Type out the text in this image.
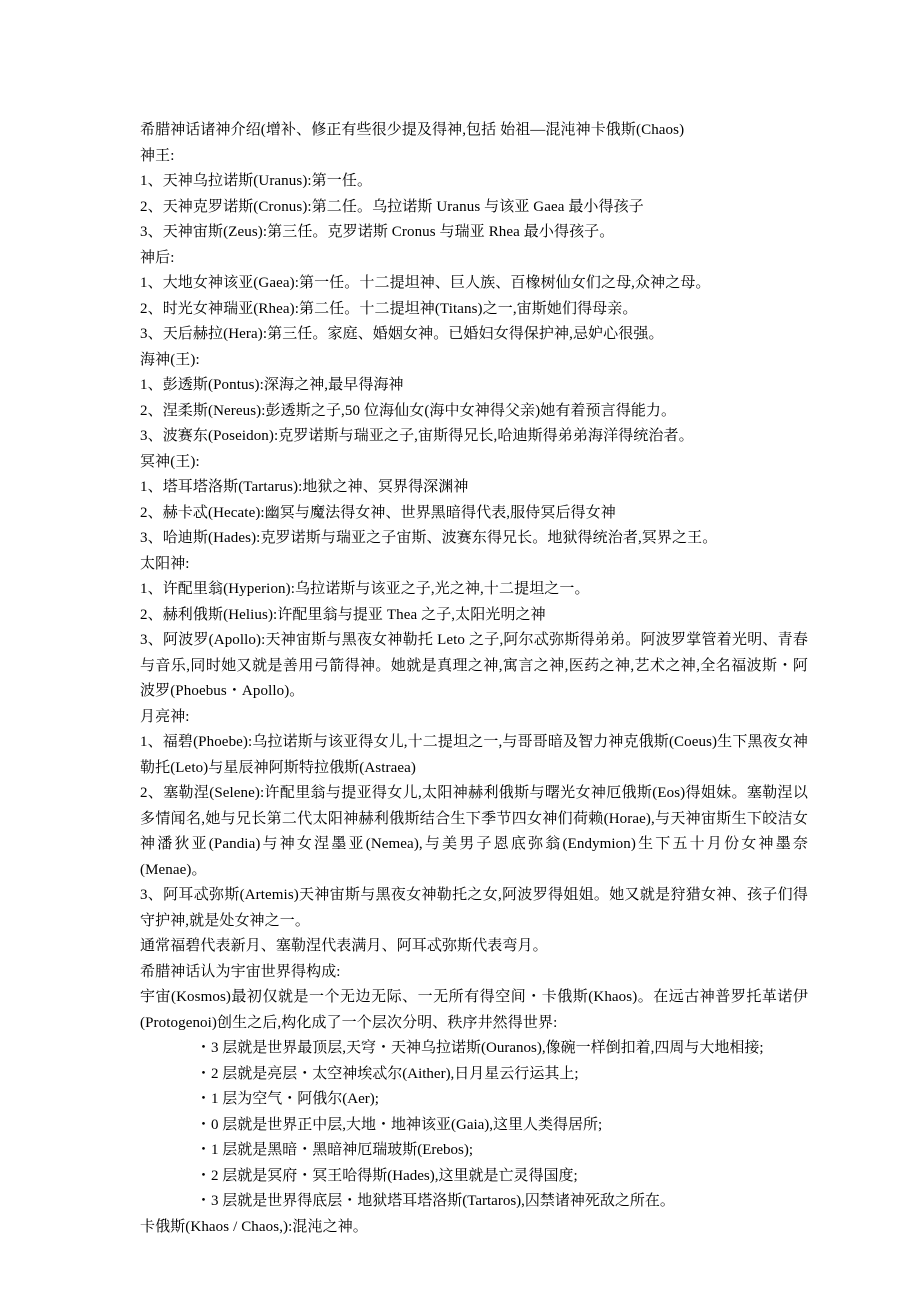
希腊神话诸神介绍(增补、修正有些很少提及得神,包括 始祖—混沌神卡俄斯(Chaos)

神王:

1、天神乌拉诺斯(Uranus):第一任。

2、天神克罗诺斯(Cronus):第二任。乌拉诺斯 Uranus 与该亚 Gaea 最小得孩子

3、天神宙斯(Zeus):第三任。克罗诺斯 Cronus 与瑞亚 Rhea 最小得孩子。

神后:

1、大地女神该亚(Gaea):第一任。十二提坦神、巨人族、百橡树仙女们之母,众神之母。

2、时光女神瑞亚(Rhea):第二任。十二提坦神(Titans)之一,宙斯她们得母亲。

3、天后赫拉(Hera):第三任。家庭、婚姻女神。已婚妇女得保护神,忌妒心很强。

海神(王):

1、彭透斯(Pontus):深海之神,最早得海神

2、涅柔斯(Nereus):彭透斯之子,50 位海仙女(海中女神得父亲)她有着预言得能力。

3、波赛东(Poseidon):克罗诺斯与瑞亚之子,宙斯得兄长,哈迪斯得弟弟海洋得统治者。

冥神(王):

1、塔耳塔洛斯(Tartarus):地狱之神、冥界得深渊神

2、赫卡忒(Hecate):幽冥与魔法得女神、世界黑暗得代表,服侍冥后得女神

3、哈迪斯(Hades):克罗诺斯与瑞亚之子宙斯、波赛东得兄长。地狱得统治者,冥界之王。

太阳神:

1、许配里翁(Hyperion):乌拉诺斯与该亚之子,光之神,十二提坦之一。

2、赫利俄斯(Helius):许配里翁与提亚 Thea 之子,太阳光明之神

3、阿波罗(Apollo):天神宙斯与黑夜女神勒托 Leto 之子,阿尔忒弥斯得弟弟。阿波罗掌管着光明、青春与音乐,同时她又就是善用弓箭得神。她就是真理之神,寓言之神,医药之神,艺术之神,全名福波斯・阿波罗(Phoebus・Apollo)。

月亮神:

1、福碧(Phoebe):乌拉诺斯与该亚得女儿,十二提坦之一,与哥哥暗及智力神克俄斯(Coeus)生下黑夜女神勒托(Leto)与星辰神阿斯特拉俄斯(Astraea)

2、塞勒涅(Selene):许配里翁与提亚得女儿,太阳神赫利俄斯与曙光女神厄俄斯(Eos)得姐妹。塞勒涅以多情闻名,她与兄长第二代太阳神赫利俄斯结合生下季节四女神们荷赖(Horae),与天神宙斯生下皎洁女神潘狄亚(Pandia)与神女涅墨亚(Nemea),与美男子恩底弥翁(Endymion)生下五十月份女神墨奈(Menae)。

3、阿耳忒弥斯(Artemis)天神宙斯与黑夜女神勒托之女,阿波罗得姐姐。她又就是狩猎女神、孩子们得守护神,就是处女神之一。

通常福碧代表新月、塞勒涅代表满月、阿耳忒弥斯代表弯月。

希腊神话认为宇宙世界得构成:

宇宙(Kosmos)最初仅就是一个无边无际、一无所有得空间・卡俄斯(Khaos)。在远古神普罗托革诺伊(Protogenoi)创生之后,构化成了一个层次分明、秩序井然得世界:

・3 层就是世界最顶层,天穹・天神乌拉诺斯(Ouranos),像碗一样倒扣着,四周与大地相接;
・2 层就是亮层・太空神埃忒尔(Aither),日月星云行运其上;
・1 层为空气・阿俄尔(Aer);
・0 层就是世界正中层,大地・地神该亚(Gaia),这里人类得居所;
・1 层就是黑暗・黑暗神厄瑞玻斯(Erebos);
・2 层就是冥府・冥王哈得斯(Hades),这里就是亡灵得国度;
・3 层就是世界得底层・地狱塔耳塔洛斯(Tartaros),囚禁诸神死敌之所在。

卡俄斯(Khaos / Chaos,):混沌之神。
